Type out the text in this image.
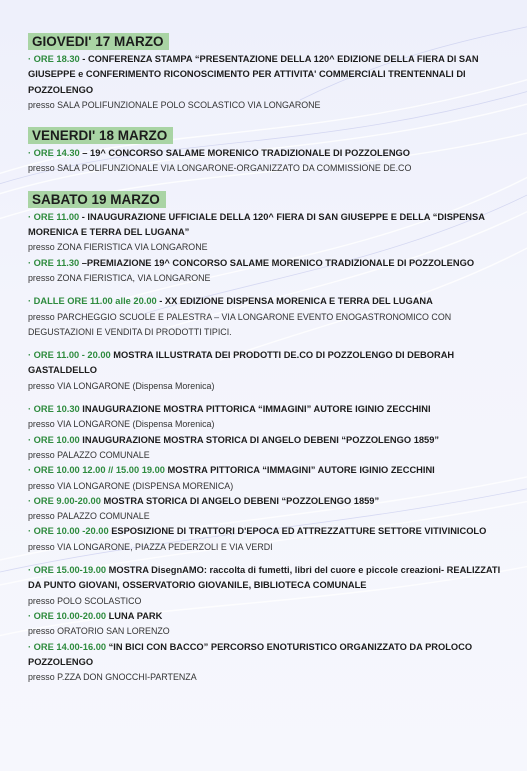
GIOVEDI' 17 MARZO
· ORE 18.30 - CONFERENZA STAMPA “PRESENTAZIONE DELLA 120^ EDIZIONE DELLA FIERA DI SAN GIUSEPPE e CONFERIMENTO RICONOSCIMENTO PER ATTIVITA' COMMERCIALI TRENTENNALI DI POZZOLENGO
presso SALA POLIFUNZIONALE POLO SCOLASTICO VIA LONGARONE
VENERDI' 18 MARZO
· ORE 14.30 – 19^ CONCORSO SALAME MORENICO TRADIZIONALE DI POZZOLENGO
presso SALA POLIFUNZIONALE VIA LONGARONE-ORGANIZZATO DA COMMISSIONE DE.CO
SABATO 19 MARZO
· ORE 11.00 - INAUGURAZIONE UFFICIALE DELLA 120^ FIERA DI SAN GIUSEPPE E DELLA “DISPENSA MORENICA E TERRA DEL LUGANA”
presso ZONA FIERISTICA VIA LONGARONE
· ORE 11.30 –PREMIAZIONE 19^ CONCORSO SALAME MORENICO TRADIZIONALE DI POZZOLENGO
presso ZONA FIERISTICA, VIA LONGARONE
· DALLE ORE 11.00 alle 20.00 - XX EDIZIONE DISPENSA MORENICA E TERRA DEL LUGANA
presso PARCHEGGIO SCUOLE E PALESTRA – VIA LONGARONE EVENTO ENOGASTRONOMICO CON DEGUSTAZIONI E VENDITA DI PRODOTTI TIPICI.
· ORE 11.00 - 20.00 MOSTRA ILLUSTRATA DEI PRODOTTI DE.CO DI POZZOLENGO DI DEBORAH GASTALDELLO
presso VIA LONGARONE (Dispensa Morenica)
· ORE 10.30 INAUGURAZIONE MOSTRA PITTORICA “IMMAGINI” AUTORE IGINIO ZECCHINI
presso VIA LONGARONE (Dispensa Morenica)
· ORE 10.00 INAUGURAZIONE MOSTRA STORICA DI ANGELO DEBENI “POZZOLENGO 1859”
presso PALAZZO COMUNALE
· ORE 10.00 12.00 // 15.00 19.00 MOSTRA PITTORICA “IMMAGINI” AUTORE IGINIO ZECCHINI
presso VIA LONGARONE (DISPENSA MORENICA)
· ORE 9.00-20.00 MOSTRA STORICA DI ANGELO DEBENI “POZZOLENGO 1859”
presso PALAZZO COMUNALE
· ORE 10.00 -20.00 ESPOSIZIONE DI TRATTORI D'EPOCA ED ATTREZZATTURE SETTORE VITIVINICOLO
presso VIA LONGARONE, PIAZZA PEDERZOLI E VIA VERDI
· ORE 15.00-19.00 MOSTRA DisegnAMO: raccolta di fumetti, libri del cuore e piccole creazioni- REALIZZATI DA PUNTO GIOVANI, OSSERVATORIO GIOVANILE, BIBLIOTECA COMUNALE
presso POLO SCOLASTICO
· ORE 10.00-20.00 LUNA PARK
presso ORATORIO SAN LORENZO
· ORE 14.00-16.00 “IN BICI CON BACCO” PERCORSO ENOTURISTICO ORGANIZZATO DA PROLOCO POZZOLENGO
presso P.ZZA DON GNOCCHI-PARTENZA
